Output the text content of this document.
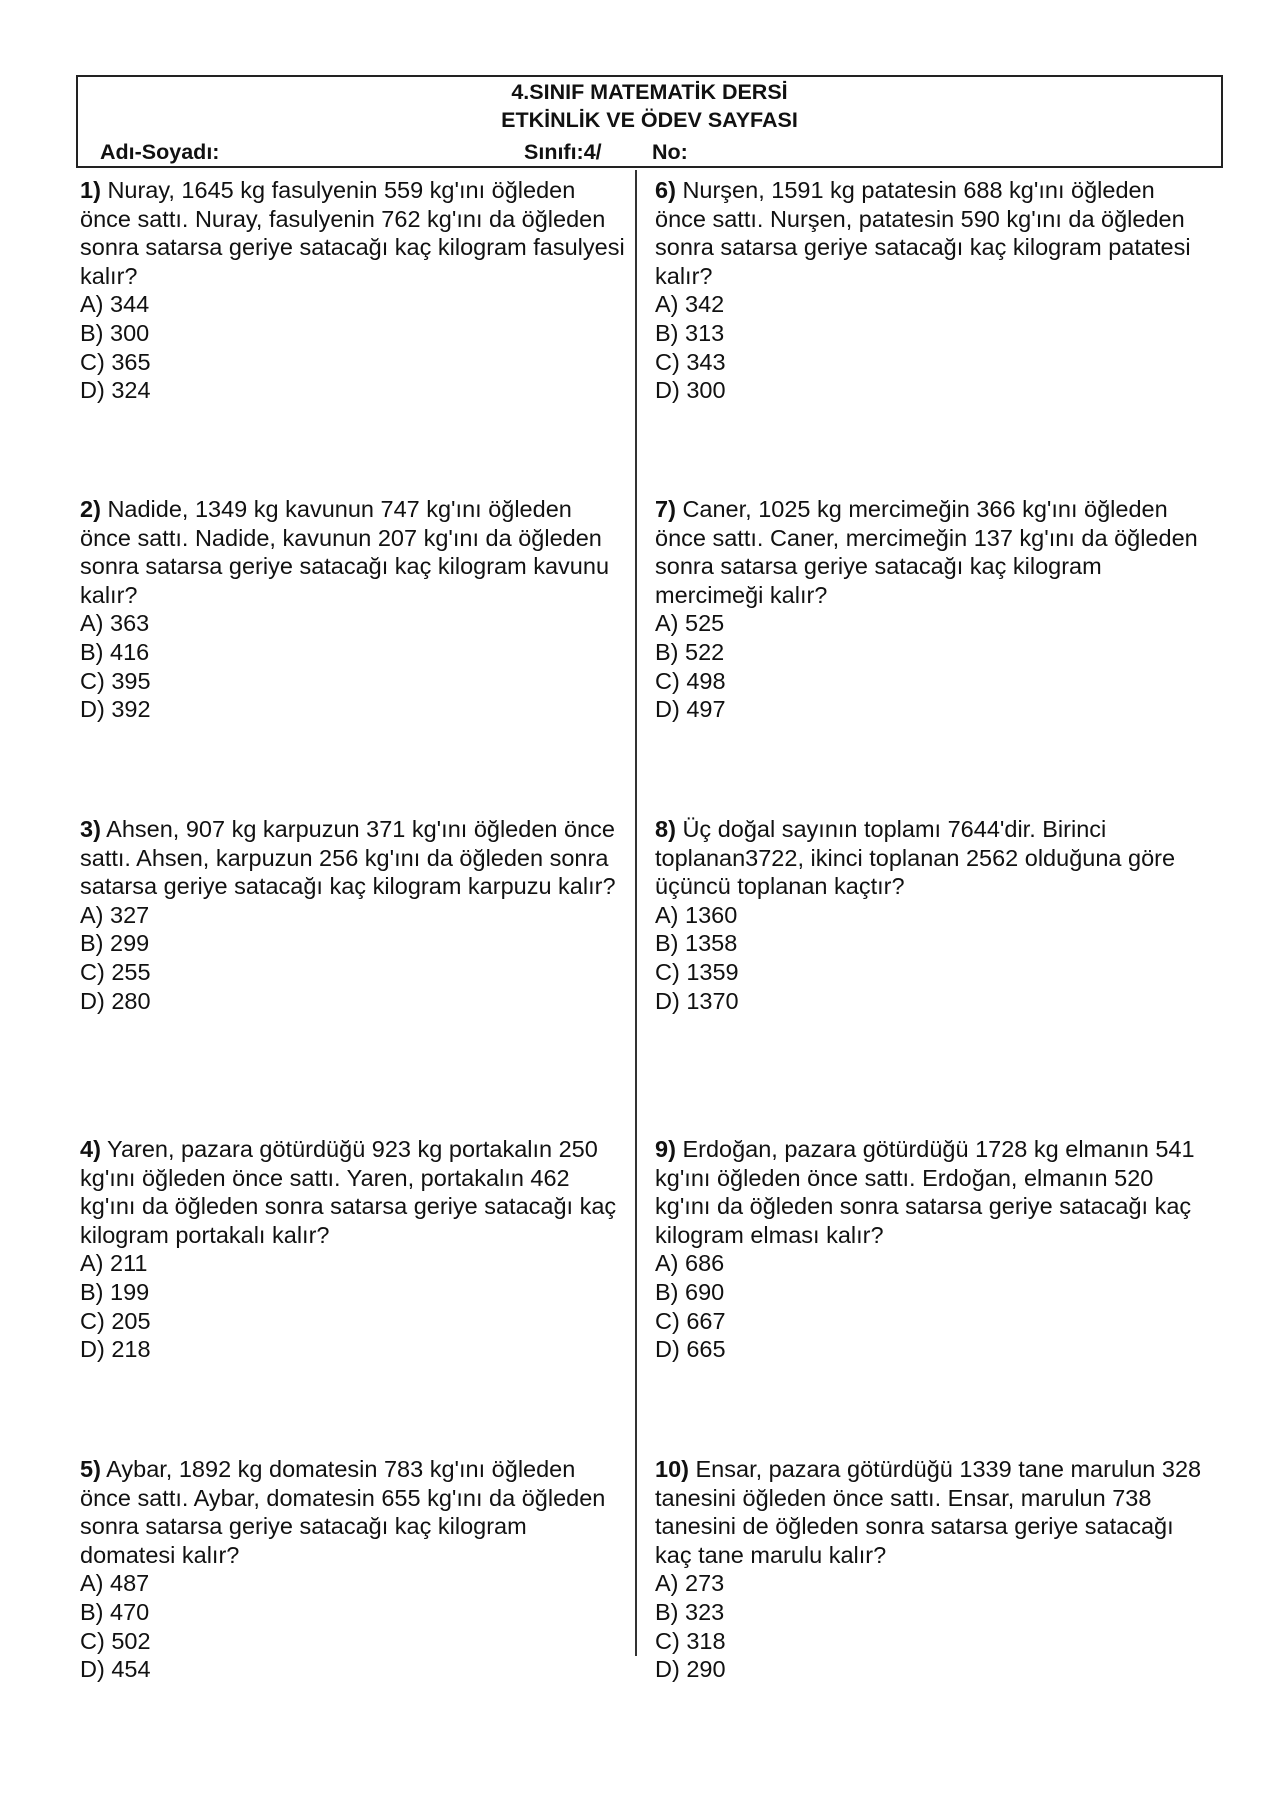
4.SINIF MATEMATİK DERSİ
ETKİNLİK VE ÖDEV SAYFASI
Adı-Soyadı:	Sınıfı:4/ No:
1) Nuray, 1645 kg fasulyenin 559 kg'ını öğleden önce sattı. Nuray, fasulyenin 762 kg'ını da öğleden sonra satarsa geriye satacağı kaç kilogram fasulyesi kalır?
A) 344
B) 300
C) 365
D) 324
2) Nadide, 1349 kg kavunun 747 kg'ını öğleden önce sattı. Nadide, kavunun 207 kg'ını da öğleden sonra satarsa geriye satacağı kaç kilogram kavunu kalır?
A) 363
B) 416
C) 395
D) 392
3) Ahsen, 907 kg karpuzun 371 kg'ını öğleden önce sattı. Ahsen, karpuzun 256 kg'ını da öğleden sonra satarsa geriye satacağı kaç kilogram karpuzu kalır?
A) 327
B) 299
C) 255
D) 280
4) Yaren, pazara götürdüğü 923 kg portakalın 250 kg'ını öğleden önce sattı. Yaren, portakalın 462 kg'ını da öğleden sonra satarsa geriye satacağı kaç kilogram portakalı kalır?
A) 211
B) 199
C) 205
D) 218
5) Aybar, 1892 kg domatesin 783 kg'ını öğleden önce sattı. Aybar, domatesin 655 kg'ını da öğleden sonra satarsa geriye satacağı kaç kilogram domatesi kalır?
A) 487
B) 470
C) 502
D) 454
6) Nurşen, 1591 kg patatesin 688 kg'ını öğleden önce sattı. Nurşen, patatesin 590 kg'ını da öğleden sonra satarsa geriye satacağı kaç kilogram patatesi kalır?
A) 342
B) 313
C) 343
D) 300
7) Caner, 1025 kg mercimeğin 366 kg'ını öğleden önce sattı. Caner, mercimeğin 137 kg'ını da öğleden sonra satarsa geriye satacağı kaç kilogram mercimeği kalır?
A) 525
B) 522
C) 498
D) 497
8) Üç doğal sayının toplamı 7644'dir. Birinci toplanan3722, ikinci toplanan 2562 olduğuna göre üçüncü toplanan kaçtır?
A) 1360
B) 1358
C) 1359
D) 1370
9) Erdoğan, pazara götürdüğü 1728 kg elmanın 541 kg'ını öğleden önce sattı. Erdoğan, elmanın 520 kg'ını da öğleden sonra satarsa geriye satacağı kaç kilogram elması kalır?
A) 686
B) 690
C) 667
D) 665
10) Ensar, pazara götürdüğü 1339 tane marulun 328 tanesini öğleden önce sattı. Ensar, marulun 738 tanesini de öğleden sonra satarsa geriye satacağı kaç tane marulu kalır?
A) 273
B) 323
C) 318
D) 290
